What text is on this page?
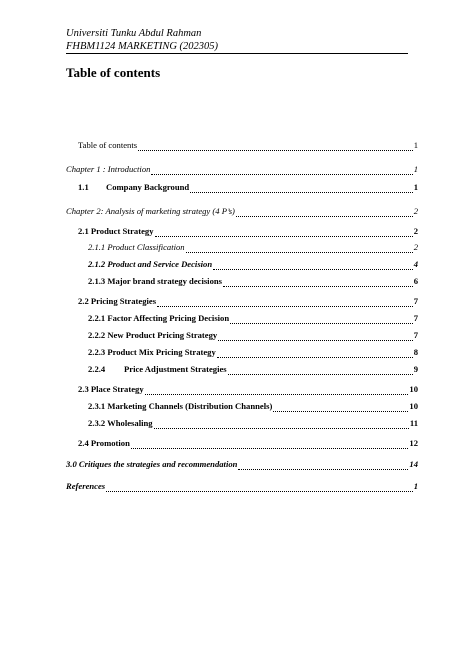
Universiti Tunku Abdul Rahman
FHBM1124 MARKETING (202305)
Table of contents
Table of contents	1
Chapter 1 : Introduction	1
1.1 Company Background	1
Chapter 2: Analysis of marketing strategy (4 P’s)	2
2.1 Product Strategy	2
2.1.1 Product Classification	2
2.1.2 Product and Service Decision	4
2.1.3 Major brand strategy decisions	6
2.2 Pricing Strategies	7
2.2.1 Factor Affecting Pricing Decision	7
2.2.2 New Product Pricing Strategy	7
2.2.3 Product Mix Pricing Strategy	8
2.2.4 Price Adjustment Strategies	9
2.3 Place Strategy	10
2.3.1 Marketing Channels (Distribution Channels)	10
2.3.2 Wholesaling	11
2.4 Promotion	12
3.0 Critiques the strategies and recommendation	14
References	1
